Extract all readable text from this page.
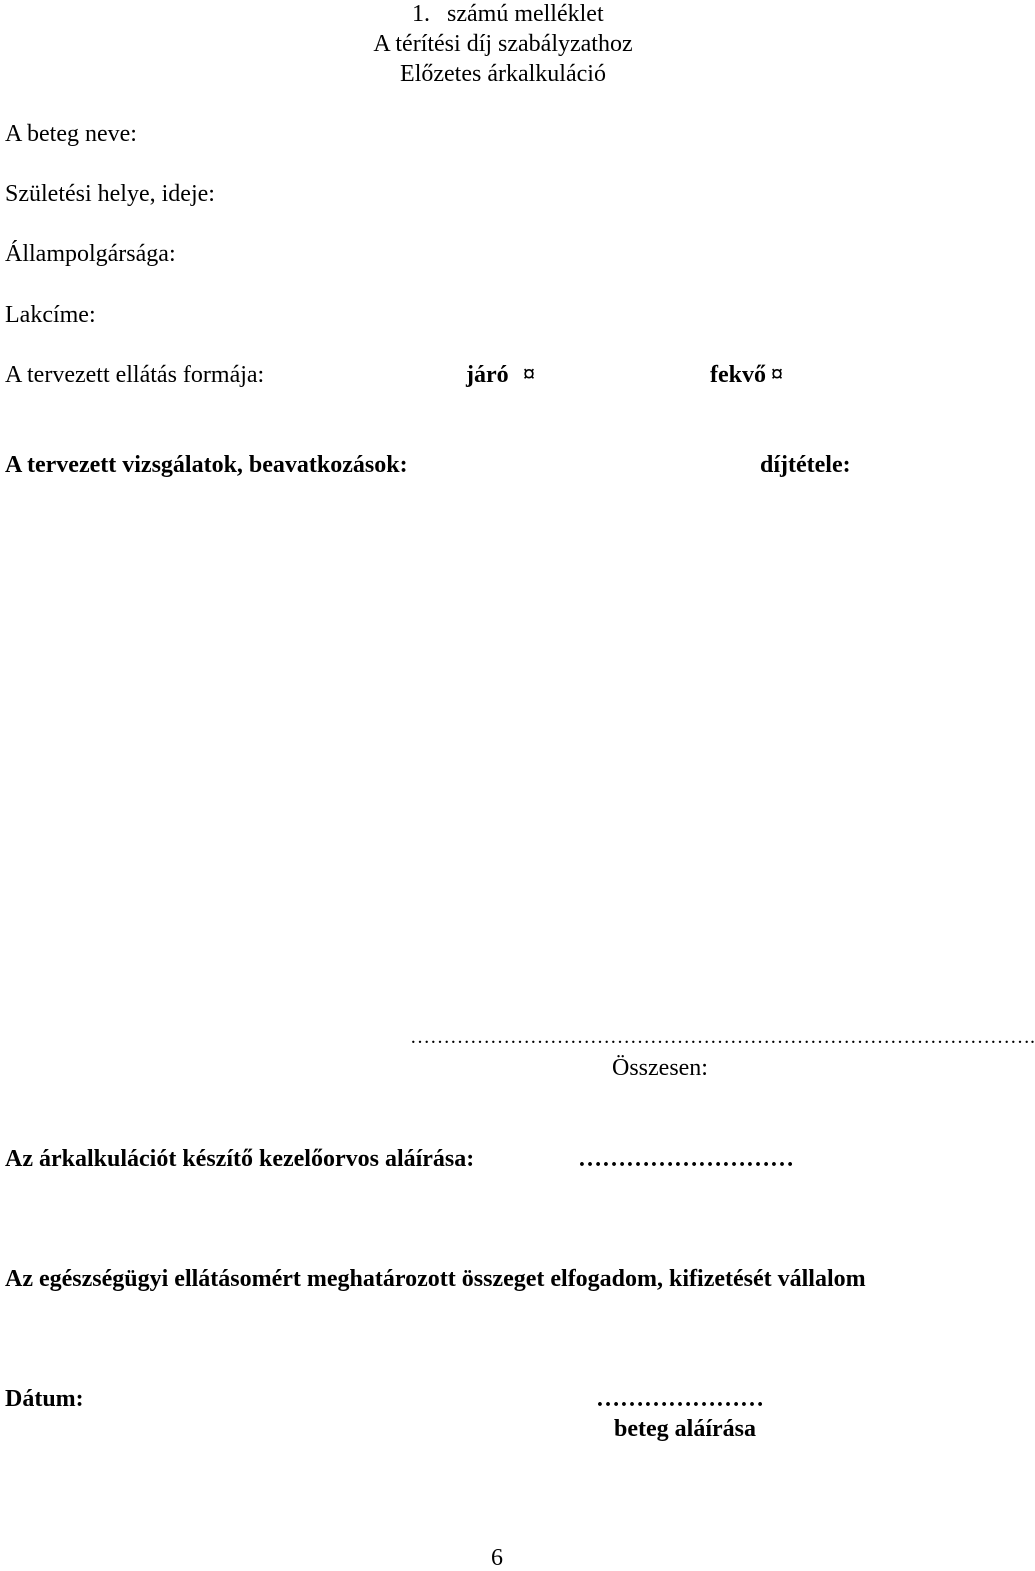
1. számú melléklet
A térítési díj szabályzathoz
Előzetes árkalkuláció
A beteg neve:
Születési helye, ideje:
Állampolgársága:
Lakcíme:
A tervezett ellátás formája:	járó ¤	fekvő ¤
A tervezett vizsgálatok, beavatkozások:	díjtétele:
………………………………………………………………………………….
Összesen:
Az árkalkulációt készítő kezelőorvos aláírása:	………………………
Az egészségügyi ellátásomért meghatározott összeget elfogadom, kifizetését vállalom
Dátum:	…………………
beteg aláírása
6
